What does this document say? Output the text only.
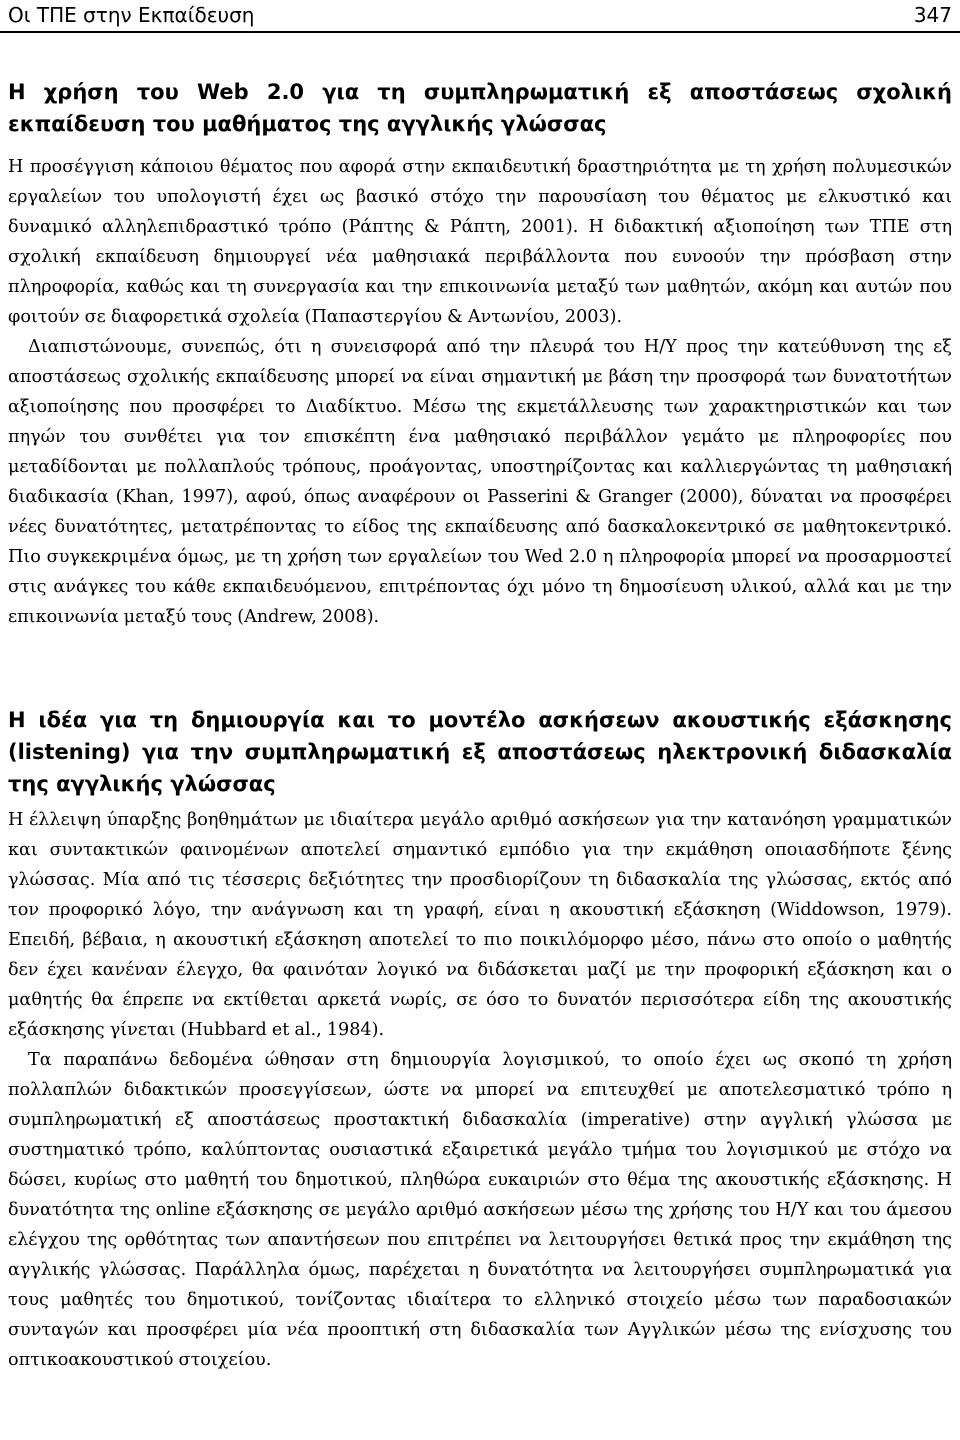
Οι ΤΠΕ στην Εκπαίδευση	347
Η χρήση του Web 2.0 για τη συμπληρωματική εξ αποστάσεως σχολική εκπαίδευση του μαθήματος της αγγλικής γλώσσας

Η προσέγγιση κάποιου θέματος που αφορά στην εκπαιδευτική δραστηριότητα με τη χρήση πολυμεσικών εργαλείων του υπολογιστή έχει ως βασικό στόχο την παρουσίαση του θέματος με ελκυστικό και δυναμικό αλληλεπιδραστικό τρόπο (Ράπτης & Ράπτη, 2001). Η διδακτική αξιοποίηση των ΤΠΕ στη σχολική εκπαίδευση δημιουργεί νέα μαθησιακά περιβάλλοντα που ευνοούν την πρόσβαση στην πληροφορία, καθώς και τη συνεργασία και την επικοινωνία μεταξύ των μαθητών, ακόμη και αυτών που φοιτούν σε διαφορετικά σχολεία (Παπαστεργίου & Αντωνίου, 2003).

Διαπιστώνουμε, συνεπώς, ότι η συνεισφορά από την πλευρά του Η/Υ προς την κατεύθυνση της εξ αποστάσεως σχολικής εκπαίδευσης μπορεί να είναι σημαντική με βάση την προσφορά των δυνατοτήτων αξιοποίησης που προσφέρει το Διαδίκτυο. Μέσω της εκμετάλλευσης των χαρακτηριστικών και των πηγών του συνθέτει για τον επισκέπτη ένα μαθησιακό περιβάλλον γεμάτο με πληροφορίες που μεταδίδονται με πολλαπλούς τρόπους, προάγοντας, υποστηρίζοντας και καλλιεργώντας τη μαθησιακή διαδικασία (Khan, 1997), αφού, όπως αναφέρουν οι Passerini & Granger (2000), δύναται να προσφέρει νέες δυνατότητες, μετατρέποντας το είδος της εκπαίδευσης από δασκαλοκεντρικό σε μαθητοκεντρικό. Πιο συγκεκριμένα όμως, με τη χρήση των εργαλείων του Wed 2.0 η πληροφορία μπορεί να προσαρμοστεί στις ανάγκες του κάθε εκπαιδευόμενου, επιτρέποντας όχι μόνο τη δημοσίευση υλικού, αλλά και με την επικοινωνία μεταξύ τους (Andrew, 2008).

Η ιδέα για τη δημιουργία και το μοντέλο ασκήσεων ακουστικής εξάσκησης (listening) για την συμπληρωματική εξ αποστάσεως ηλεκτρονική διδασκαλία της αγγλικής γλώσσας

Η έλλειψη ύπαρξης βοηθημάτων με ιδιαίτερα μεγάλο αριθμό ασκήσεων για την κατανόηση γραμματικών και συντακτικών φαινομένων αποτελεί σημαντικό εμπόδιο για την εκμάθηση οποιασδήποτε ξένης γλώσσας. Μία από τις τέσσερις δεξιότητες την προσδιορίζουν τη διδασκαλία της γλώσσας, εκτός από τον προφορικό λόγο, την ανάγνωση και τη γραφή, είναι η ακουστική εξάσκηση (Widdowson, 1979). Επειδή, βέβαια, η ακουστική εξάσκηση αποτελεί το πιο ποικιλόμορφο μέσο, πάνω στο οποίο ο μαθητής δεν έχει κανέναν έλεγχο, θα φαινόταν λογικό να διδάσκεται μαζί με την προφορική εξάσκηση και ο μαθητής θα έπρεπε να εκτίθεται αρκετά νωρίς, σε όσο το δυνατόν περισσότερα είδη της ακουστικής εξάσκησης γίνεται (Hubbard et al., 1984).

Τα παραπάνω δεδομένα ώθησαν στη δημιουργία λογισμικού, το οποίο έχει ως σκοπό τη χρήση πολλαπλών διδακτικών προσεγγίσεων, ώστε να μπορεί να επιτευχθεί με αποτελεσματικό τρόπο η συμπληρωματική εξ αποστάσεως προστακτική διδασκαλία (imperative) στην αγγλική γλώσσα με συστηματικό τρόπο, καλύπτοντας ουσιαστικά εξαιρετικά μεγάλο τμήμα του λογισμικού με στόχο να δώσει, κυρίως στο μαθητή του δημοτικού, πληθώρα ευκαιριών στο θέμα της ακουστικής εξάσκησης. Η δυνατότητα της online εξάσκησης σε μεγάλο αριθμό ασκήσεων μέσω της χρήσης του Η/Υ και του άμεσου ελέγχου της ορθότητας των απαντήσεων που επιτρέπει να λειτουργήσει θετικά προς την εκμάθηση της αγγλικής γλώσσας. Παράλληλα όμως, παρέχεται η δυνατότητα να λειτουργήσει συμπληρωματικά για τους μαθητές του δημοτικού, τονίζοντας ιδιαίτερα το ελληνικό στοιχείο μέσω των παραδοσιακών συνταγών και προσφέρει μία νέα προοπτική στη διδασκαλία των Αγγλικών μέσω της ενίσχυσης του οπτικοακουστικού στοιχείου.
